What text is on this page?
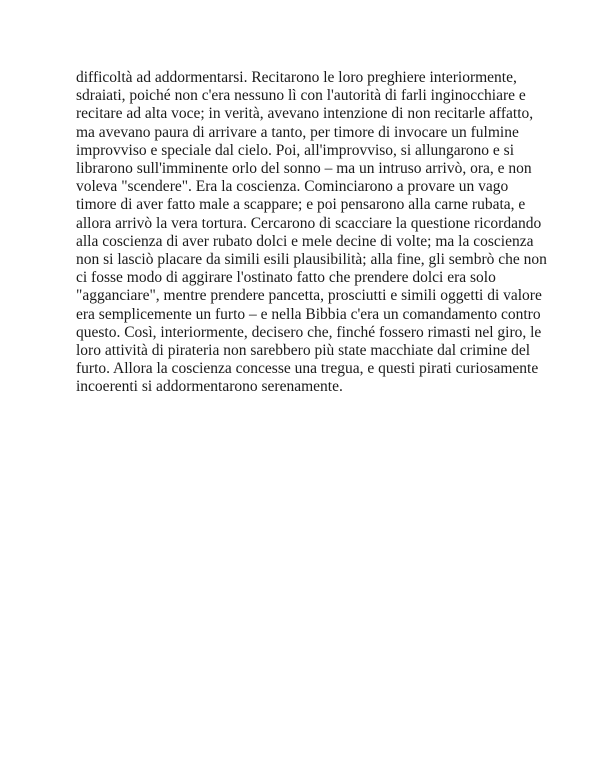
difficoltà ad addormentarsi. Recitarono le loro preghiere interiormente,
sdraiati, poiché non c'era nessuno lì con l'autorità di farli inginocchiare e
recitare ad alta voce; in verità, avevano intenzione di non recitarle affatto,
ma avevano paura di arrivare a tanto, per timore di invocare un fulmine
improvviso e speciale dal cielo. Poi, all'improvviso, si allungarono e si
librarono sull'imminente orlo del sonno – ma un intruso arrivò, ora, e non
voleva "scendere". Era la coscienza. Cominciarono a provare un vago
timore di aver fatto male a scappare; e poi pensarono alla carne rubata, e
allora arrivò la vera tortura. Cercarono di scacciare la questione ricordando
alla coscienza di aver rubato dolci e mele decine di volte; ma la coscienza
non si lasciò placare da simili esili plausibilità; alla fine, gli sembrò che non
ci fosse modo di aggirare l'ostinato fatto che prendere dolci era solo
"agganciare", mentre prendere pancetta, prosciutti e simili oggetti di valore
era semplicemente un furto – e nella Bibbia c'era un comandamento contro
questo. Così, interiormente, decisero che, finché fossero rimasti nel giro, le
loro attività di pirateria non sarebbero più state macchiate dal crimine del
furto. Allora la coscienza concesse una tregua, e questi pirati curiosamente
incoerenti si addormentarono serenamente.
